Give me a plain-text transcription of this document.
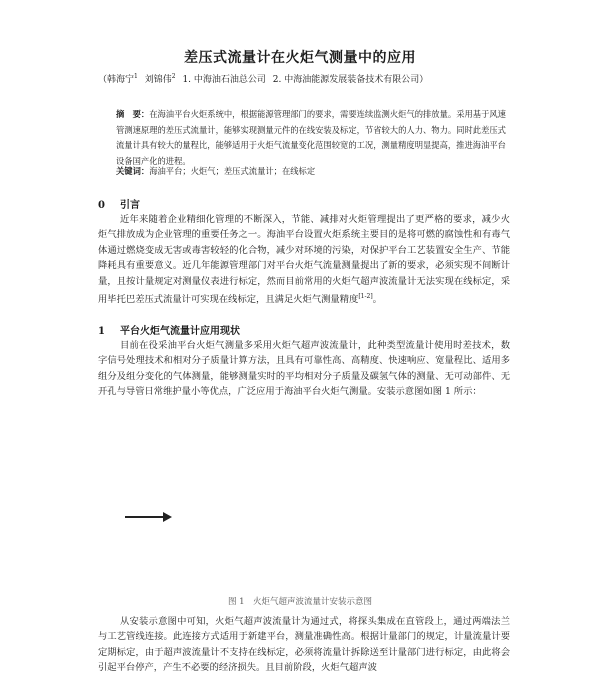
差压式流量计在火炬气测量中的应用
（韩海宁$^1$ 刘锦伟$^2$ 1. 中海油石油总公司 2. 中海油能源发展装备技术有限公司）
摘　要：在海油平台火炬系统中，根据能源管理部门的要求，需要连续监测火炬气的排放量。采用基于风速管测速原理的差压式流量计，能够实现测量元件的在线安装及标定，节省较大的人力、物力。同时此差压式流量计具有较大的量程比，能够适用于火炬气流量变化范围较宽的工况，测量精度明显提高，推进海油平台设备国产化的进程。
关键词：海油平台；火炬气；差压式流量计；在线标定
0 引言

近年来随着企业精细化管理的不断深入，节能、减排对火炬管理提出了更严格的要求，减少火炬气排放成为企业管理的重要任务之一。海油平台设置火炬系统主要目的是将可燃的腐蚀性和有毒气体通过燃烧变成无害或毒害较轻的化合物，减少对环境的污染，对保护平台工艺装置安全生产、节能降耗具有重要意义。近几年能源管理部门对平台火炬气流量测量提出了新的要求，必须实现不间断计量，且按计量规定对测量仪表进行标定，然而目前常用的火炬气超声波流量计无法实现在线标定，采用毕托巴差压式流量计可实现在线标定，且满足火炬气测量精度[1-2]。

1 平台火炬气流量计应用现状

目前在役采油平台火炬气测量多采用火炬气超声波流量计，此种类型流量计使用时差技术，数字信号处理技术和相对分子质量计算方法，且具有可靠性高、高精度、快速响应、宽量程比、适用多组分及组分变化的气体测量，能够测量实时的平均相对分子质量及碳氢气体的测量、无可动部件、无开孔与导管日常维护量小等优点，广泛应用于海油平台火炬气测量。安装示意图如图 1 所示：

图 1　火炬气超声波流量计安装示意图

从安装示意图中可知，火炬气超声波流量计为通过式，将探头集成在直管段上，通过两端法兰与工艺管线连接。此连接方式适用于新建平台，测量准确性高。根据计量部门的规定，计量流量计要定期标定，由于超声波流量计不支持在线标定，必须将流量计拆除送至计量部门进行标定，由此将会引起平台停产，产生不必要的经济损失。且目前阶段，火炬气超声波
